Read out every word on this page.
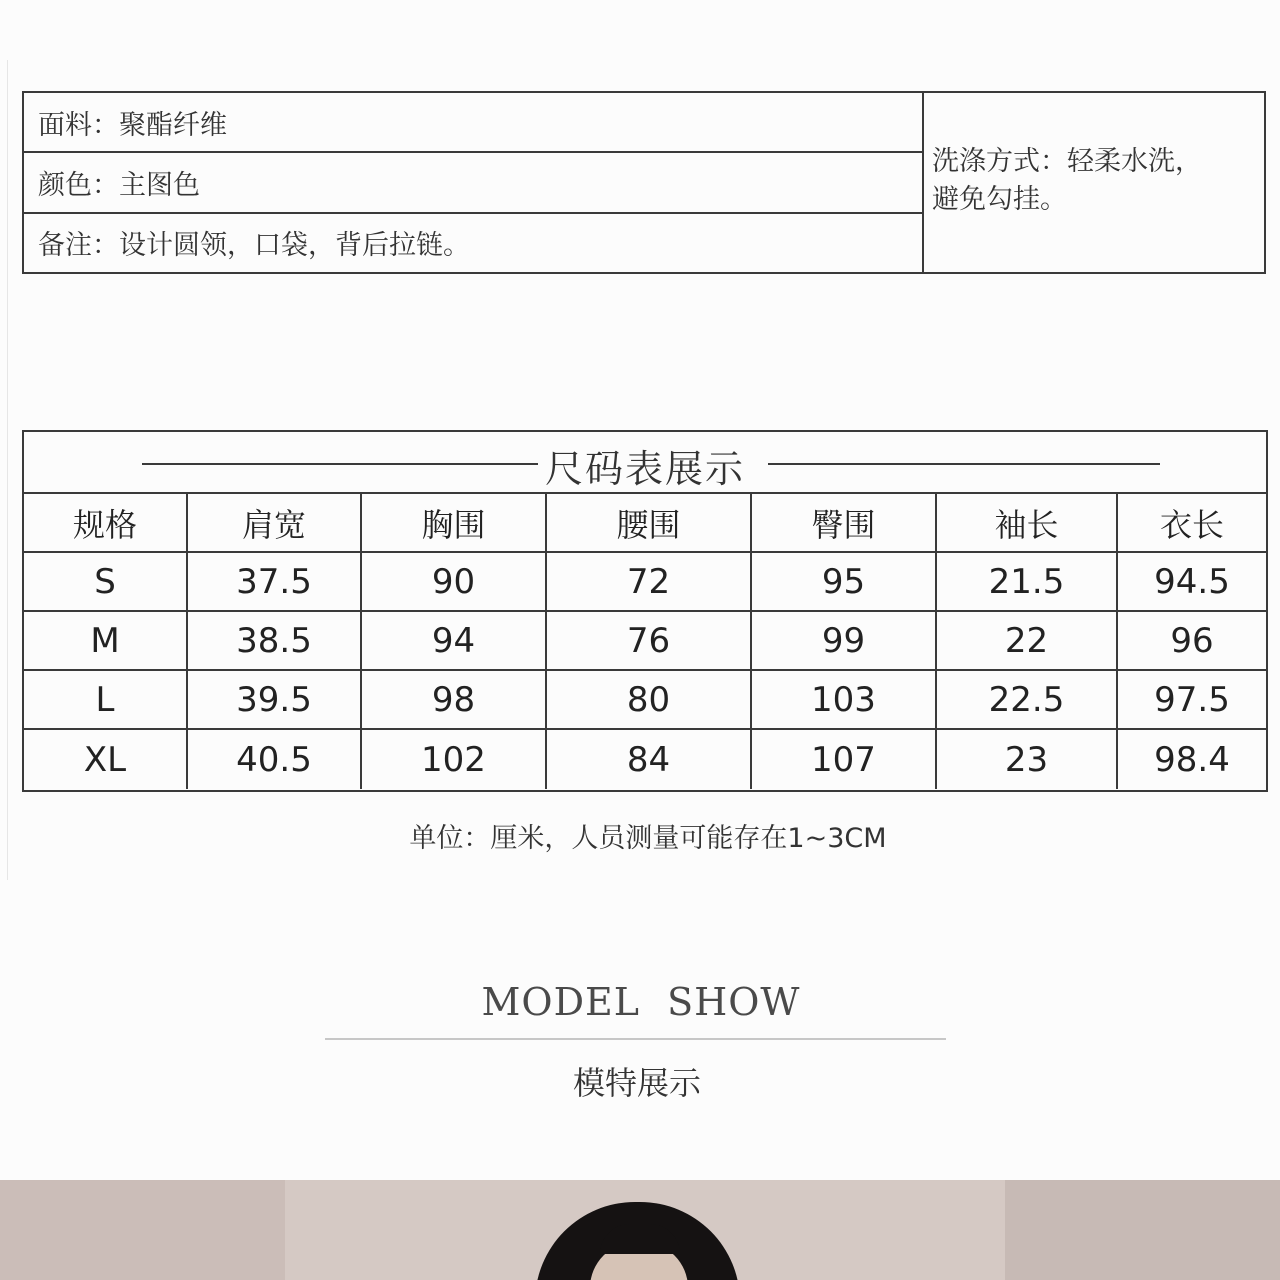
面料：聚酯纤维
颜色：主图色
备注：设计圆领，口袋，背后拉链。
洗涤方式：轻柔水洗，
避免勾挂。
尺码表展示
规格	肩宽	胸围	腰围	臀围	袖长	衣长
S	37.5	90	72	95	21.5	94.5
M	38.5	94	76	99	22	96
L	39.5	98	80	103	22.5	97.5
XL	40.5	102	84	107	23	98.4
单位：厘米，人员测量可能存在1~3CM
MODEL SHOW
模特展示
